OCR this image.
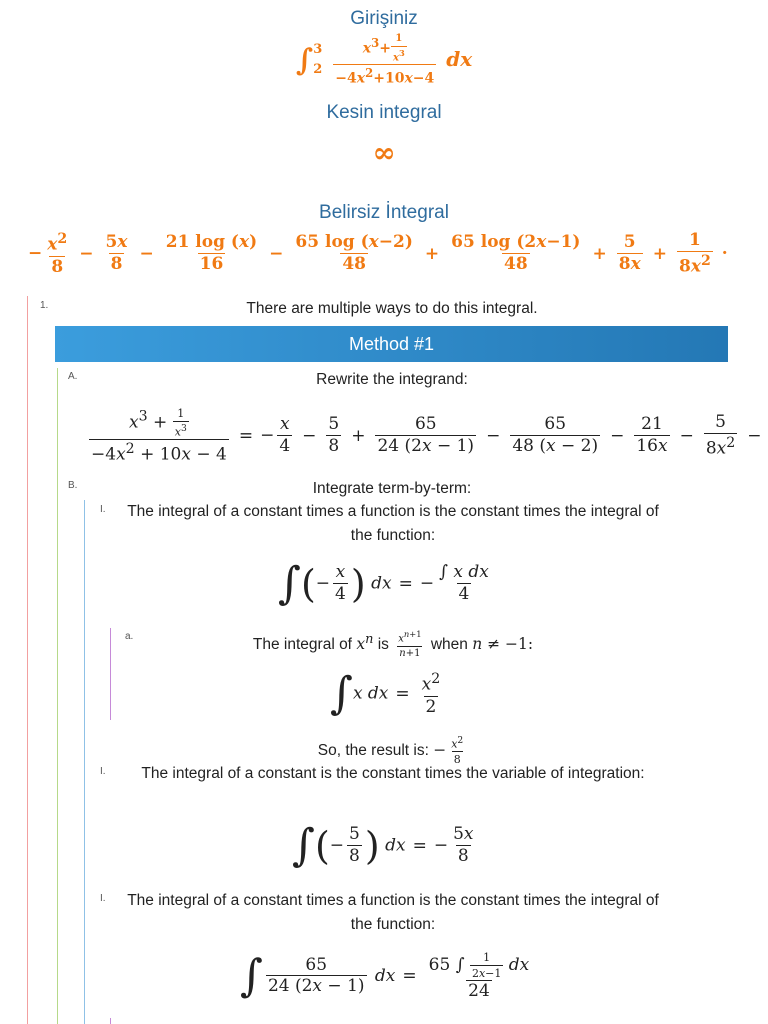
Girişiniz
∫ 3
$2 \frac{x^3+ \frac{1}{x^3}}{-4x^2+10x-4}$ dx
Kesin integral
∞
Belirsiz İntegral
− $\frac{x^2}{8} - \frac{5x}{8} - \frac{21 \log (x)}{16} - \frac{65 \log (x-2)}{48} + \frac{65 \log (2x-1)}{48} + \frac{5}{8x} + \frac{1}{8x^2}$ ·
1.	There are multiple ways to do this integral.
Method #1
A.	Rewrite the integrand:
$\frac{x^3 + \frac{1}{x^3}}{-4x^2 + 10x - 4}$ = − $\frac{x}{4} - \frac{5}{8} + \frac{65}{24 (2x - 1)} - \frac{65}{48 (x - 2)} - \frac{21}{16x} - \frac{5}{8x^2}$ −
B.	Integrate term-by-term:
I.	The integral of a constant times a function is the constant times the integral of the function:
∫(− $\frac{x}{4}$ ) dx = − $\frac{\text{∫ x dx}}{4}$
a.	The integral of $x^n$ is $\frac{x^{n+1}}{n+1}$ when n ≠ −1:
∫x dx = $\frac{x^2}{2}$
So, the result is: − $\frac{x^2}{8}$
I.	The integral of a constant is the constant times the variable of integration:
∫(− $\frac{5}{8}$ ) dx = − $\frac{5x}{8}$
I.	The integral of a constant times a function is the constant times the integral of the function:
∫ $\frac{65}{24 (2x - 1)}$ dx = $\frac{65 \int \frac{1}{2x-1} dx}{24}$
